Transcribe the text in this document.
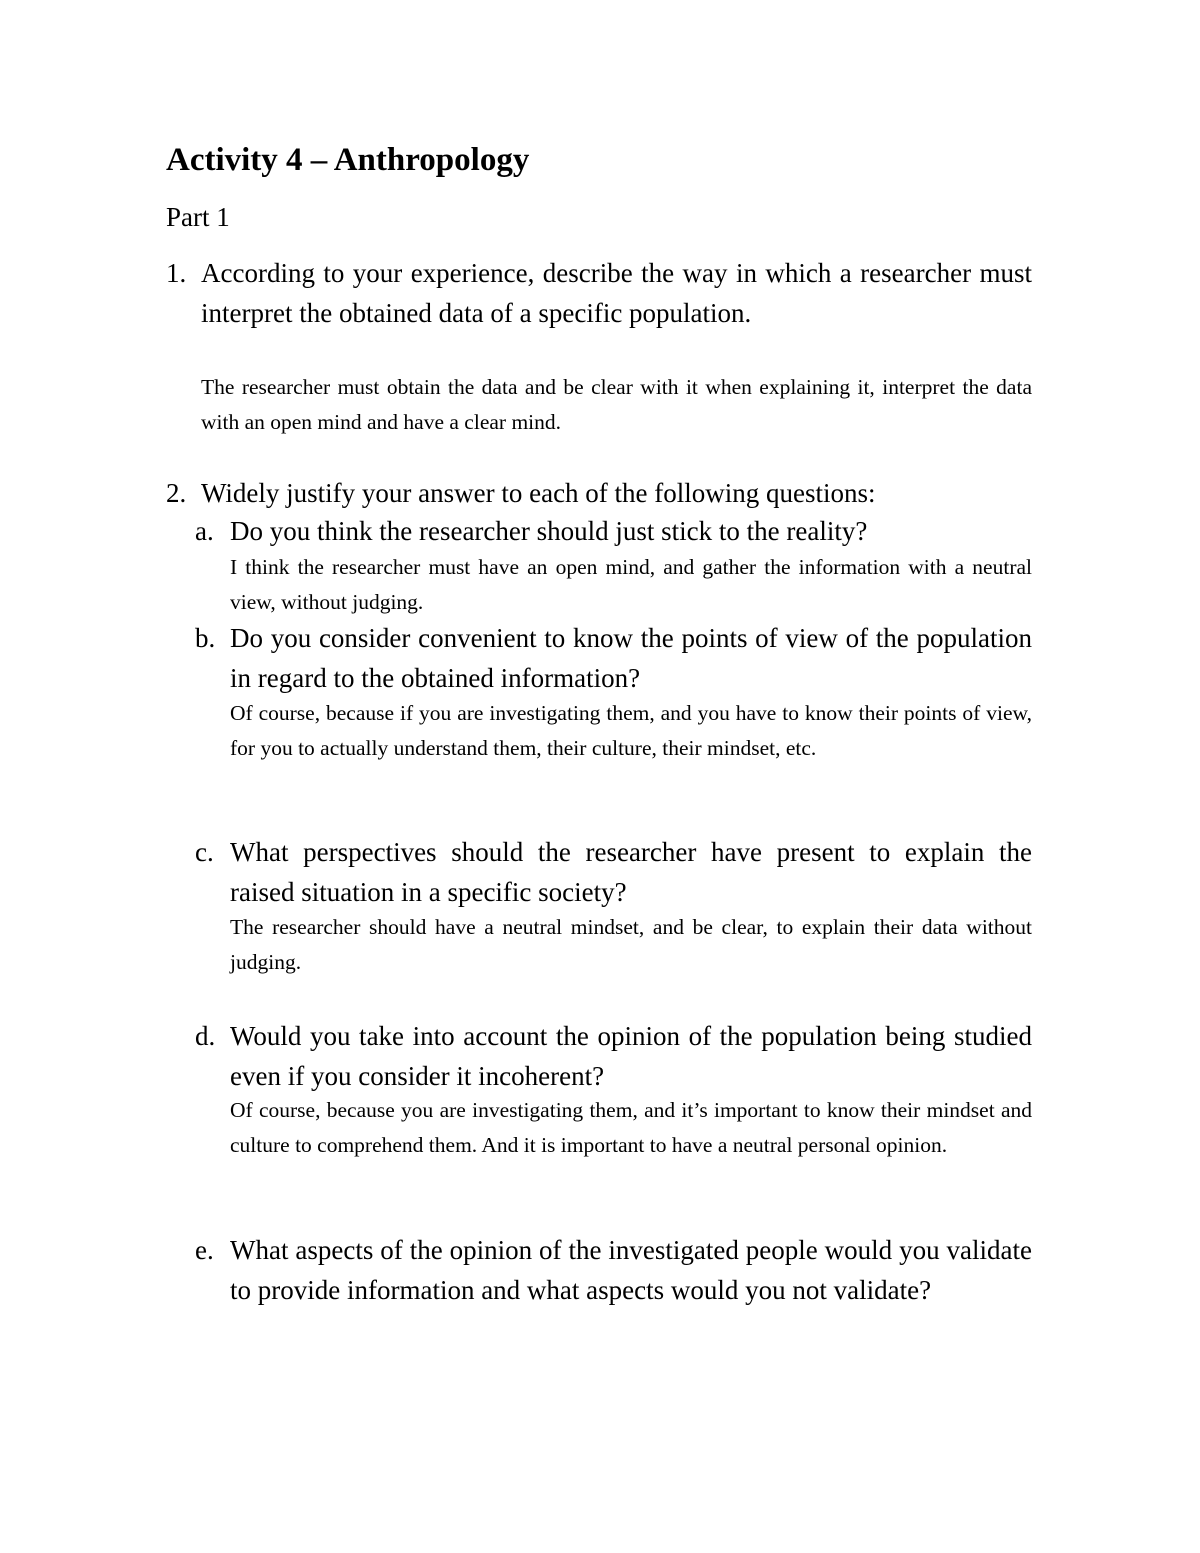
Activity 4 – Anthropology
Part 1
1. According to your experience, describe the way in which a researcher must interpret the obtained data of a specific population.
The researcher must obtain the data and be clear with it when explaining it, interpret the data with an open mind and have a clear mind.
2. Widely justify your answer to each of the following questions:
a. Do you think the researcher should just stick to the reality?
I think the researcher must have an open mind, and gather the information with a neutral view, without judging.
b. Do you consider convenient to know the points of view of the population in regard to the obtained information?
Of course, because if you are investigating them, and you have to know their points of view, for you to actually understand them, their culture, their mindset, etc.
c. What perspectives should the researcher have present to explain the raised situation in a specific society?
The researcher should have a neutral mindset, and be clear, to explain their data without judging.
d. Would you take into account the opinion of the population being studied even if you consider it incoherent?
Of course, because you are investigating them, and it’s important to know their mindset and culture to comprehend them. And it is important to have a neutral personal opinion.
e. What aspects of the opinion of the investigated people would you validate to provide information and what aspects would you not validate?
